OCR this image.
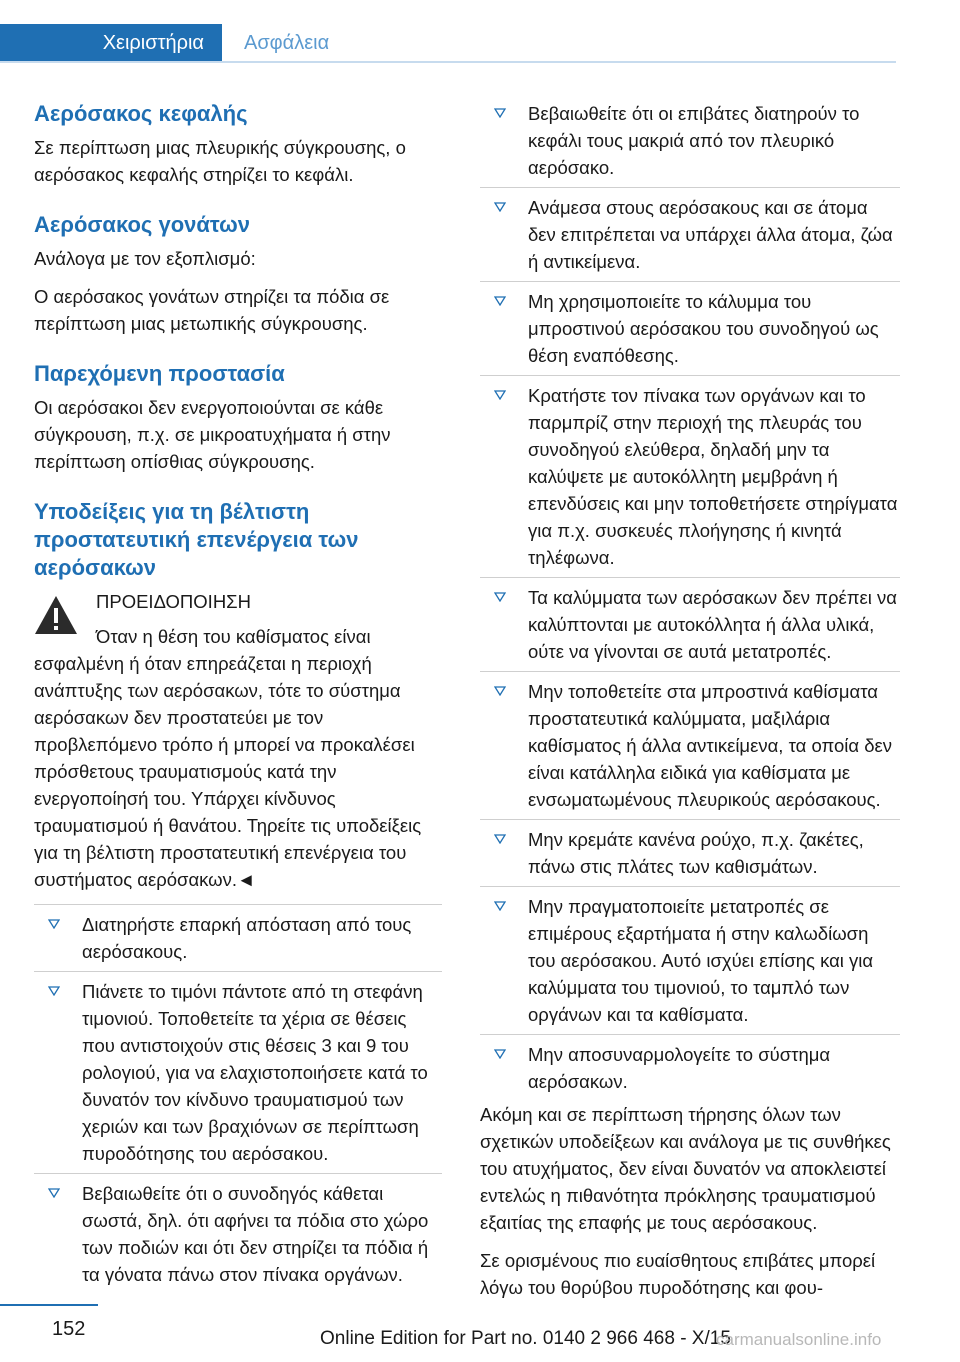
Χειριστήρια	Ασφάλεια
Αερόσακος κεφαλής

Σε περίπτωση μιας πλευρικής σύγκρουσης, ο αερόσακος κεφαλής στηρίζει το κεφάλι.

Αερόσακος γονάτων

Ανάλογα με τον εξοπλισμό:

Ο αερόσακος γονάτων στηρίζει τα πόδια σε περίπτωση μιας μετωπικής σύγκρουσης.

Παρεχόμενη προστασία

Οι αερόσακοι δεν ενεργοποιούνται σε κάθε σύγκρουση, π.χ. σε μικροατυχήματα ή στην περίπτωση οπίσθιας σύγκρουσης.

Υποδείξεις για τη βέλτιστη προστατευτική επενέργεια των αερόσακων
ΠΡΟΕΙΔΟΠΟΙΗΣΗ

Όταν η θέση του καθίσματος είναι εσφαλμένη ή όταν επηρεάζεται η περιοχή ανάπτυξης των αερόσακων, τότε το σύστημα αερόσακων δεν προστατεύει με τον προβλεπόμενο τρόπο ή μπορεί να προκαλέσει πρόσθετους τραυματισμούς κατά την ενεργοποίησή του. Υπάρχει κίνδυνος τραυματισμού ή θανάτου. Τηρείτε τις υποδείξεις για τη βέλτιστη προστατευτική επενέργεια του συστήματος αερόσακων.◄

Διατηρήστε επαρκή απόσταση από τους αερόσακους.
Πιάνετε το τιμόνι πάντοτε από τη στεφάνη τιμονιού. Τοποθετείτε τα χέρια σε θέσεις που αντιστοιχούν στις θέσεις 3 και 9 του ρολογιού, για να ελαχιστοποιήσετε κατά το δυνατόν τον κίνδυνο τραυματισμού των χεριών και των βραχιόνων σε περίπτωση πυροδότησης του αερόσακου.
Βεβαιωθείτε ότι ο συνοδηγός κάθεται σωστά, δηλ. ότι αφήνει τα πόδια στο χώρο των ποδιών και ότι δεν στηρίζει τα πόδια ή τα γόνατα πάνω στον πίνακα οργάνων.
Βεβαιωθείτε ότι οι επιβάτες διατηρούν το κεφάλι τους μακριά από τον πλευρικό αερόσακο.
Ανάμεσα στους αερόσακους και σε άτομα δεν επιτρέπεται να υπάρχει άλλα άτομα, ζώα ή αντικείμενα.
Μη χρησιμοποιείτε το κάλυμμα του μπροστινού αερόσακου του συνοδηγού ως θέση εναπόθεσης.
Κρατήστε τον πίνακα των οργάνων και το παρμπρίζ στην περιοχή της πλευράς του συνοδηγού ελεύθερα, δηλαδή μην τα καλύψετε με αυτοκόλλητη μεμβράνη ή επενδύσεις και μην τοποθετήσετε στηρίγματα για π.χ. συσκευές πλοήγησης ή κινητά τηλέφωνα.
Τα καλύμματα των αερόσακων δεν πρέπει να καλύπτονται με αυτοκόλλητα ή άλλα υλικά, ούτε να γίνονται σε αυτά μετατροπές.
Μην τοποθετείτε στα μπροστινά καθίσματα προστατευτικά καλύμματα, μαξιλάρια καθίσματος ή άλλα αντικείμενα, τα οποία δεν είναι κατάλληλα ειδικά για καθίσματα με ενσωματωμένους πλευρικούς αερόσακους.
Μην κρεμάτε κανένα ρούχο, π.χ. ζακέτες, πάνω στις πλάτες των καθισμάτων.
Μην πραγματοποιείτε μετατροπές σε επιμέρους εξαρτήματα ή στην καλωδίωση του αερόσακου. Αυτό ισχύει επίσης και για καλύμματα του τιμονιού, το ταμπλό των οργάνων και τα καθίσματα.
Μην αποσυναρμολογείτε το σύστημα αερόσακων.

Ακόμη και σε περίπτωση τήρησης όλων των σχετικών υποδείξεων και ανάλογα με τις συνθήκες του ατυχήματος, δεν είναι δυνατόν να αποκλειστεί εντελώς η πιθανότητα πρόκλησης τραυματισμού εξαιτίας της επαφής με τους αερόσακους.

Σε ορισμένους πιο ευαίσθητους επιβάτες μπορεί λόγω του θορύβου πυροδότησης και φου-

152	Online Edition for Part no. 0140 2 966 468 - X/15
carmanualsonline.info
